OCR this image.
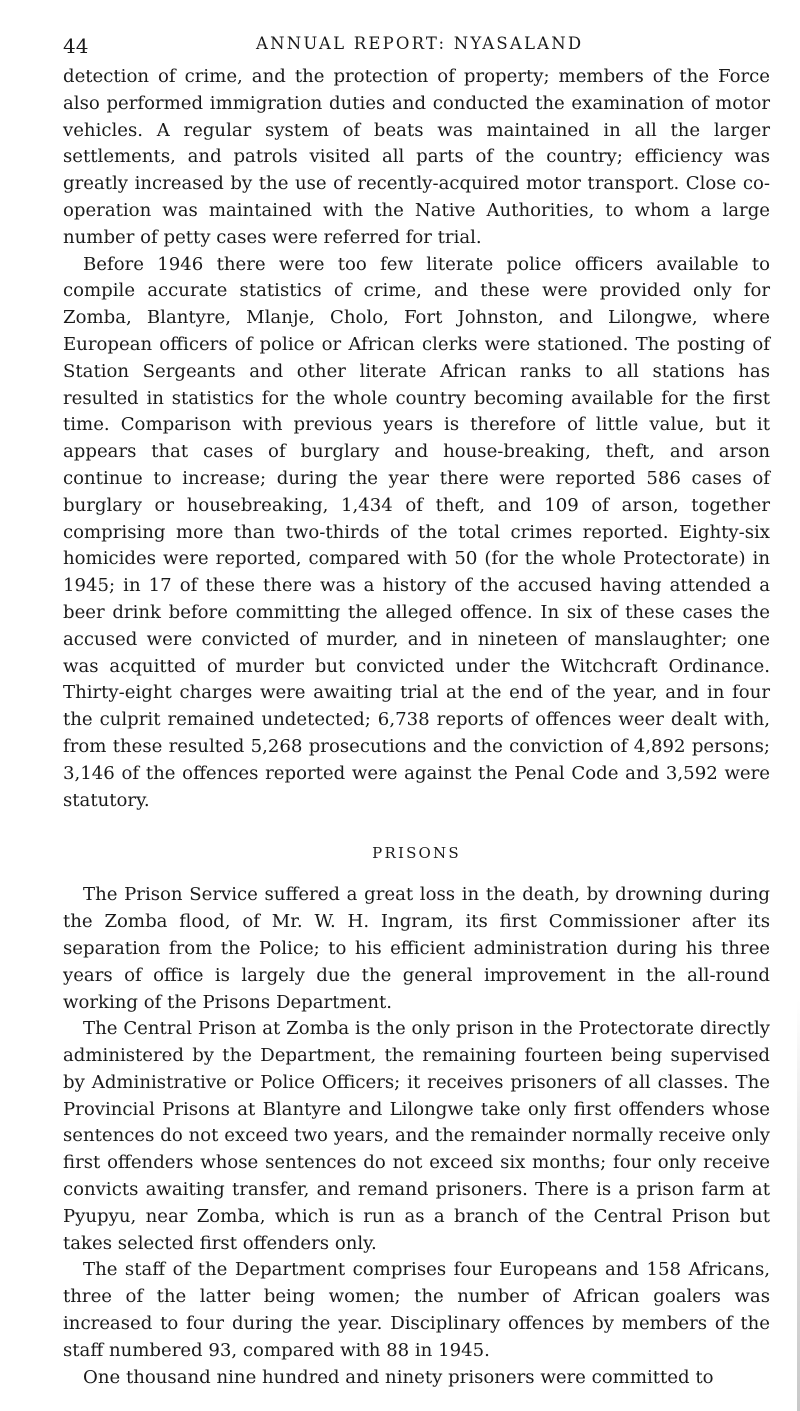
44	ANNUAL REPORT: NYASALAND

detection of crime, and the protection of property; members of the Force also performed immigration duties and conducted the examination of motor vehicles. A regular system of beats was maintained in all the larger settlements, and patrols visited all parts of the country; efficiency was greatly increased by the use of recently-acquired motor transport. Close co-operation was maintained with the Native Authorities, to whom a large number of petty cases were referred for trial.

Before 1946 there were too few literate police officers available to compile accurate statistics of crime, and these were provided only for Zomba, Blantyre, Mlanje, Cholo, Fort Johnston, and Lilongwe, where European officers of police or African clerks were stationed. The posting of Station Sergeants and other literate African ranks to all stations has resulted in statistics for the whole country becoming available for the first time. Comparison with previous years is therefore of little value, but it appears that cases of burglary and house-breaking, theft, and arson continue to increase; during the year there were reported 586 cases of burglary or housebreaking, 1,434 of theft, and 109 of arson, together comprising more than two-thirds of the total crimes reported. Eighty-six homicides were reported, compared with 50 (for the whole Protectorate) in 1945; in 17 of these there was a history of the accused having attended a beer drink before committing the alleged offence. In six of these cases the accused were convicted of murder, and in nineteen of manslaughter; one was acquitted of murder but convicted under the Witchcraft Ordinance. Thirty-eight charges were awaiting trial at the end of the year, and in four the culprit remained undetected; 6,738 reports of offences weer dealt with, from these resulted 5,268 prosecutions and the conviction of 4,892 persons; 3,146 of the offences reported were against the Penal Code and 3,592 were statutory.

PRISONS

The Prison Service suffered a great loss in the death, by drowning during the Zomba flood, of Mr. W. H. Ingram, its first Commissioner after its separation from the Police; to his efficient administration during his three years of office is largely due the general improvement in the all-round working of the Prisons Department.

The Central Prison at Zomba is the only prison in the Protectorate directly administered by the Department, the remaining fourteen being supervised by Administrative or Police Officers; it receives prisoners of all classes. The Provincial Prisons at Blantyre and Lilongwe take only first offenders whose sentences do not exceed two years, and the remainder normally receive only first offenders whose sentences do not exceed six months; four only receive convicts awaiting transfer, and remand prisoners. There is a prison farm at Pyupyu, near Zomba, which is run as a branch of the Central Prison but takes selected first offenders only.

The staff of the Department comprises four Europeans and 158 Africans, three of the latter being women; the number of African goalers was increased to four during the year. Disciplinary offences by members of the staff numbered 93, compared with 88 in 1945.

One thousand nine hundred and ninety prisoners were committed to
